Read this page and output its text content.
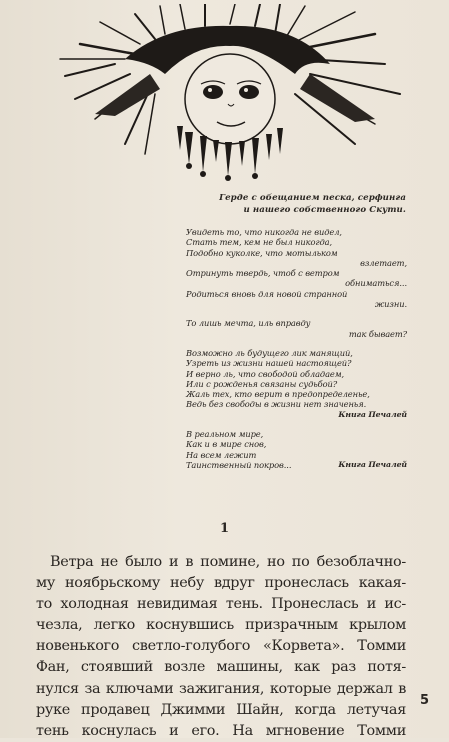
Герде с обещанием песка, серфинга
и нашего собственного Скути.
Увидеть то, что никогда не видел,
Стать тем, кем не был никогда,
Подобно куколке, что мотыльком
взлетает,
Отринуть твердь, чтоб с ветром
обниматься...
Родиться вновь для новой странной
жизни.
То лишь мечта, иль вправду
так бывает?
Возможно ль будущего лик манящий,
Узреть из жизни нашей настоящей?
И верно ль, что свободой обладаем,
Или с рожденья связаны судьбой?
Жаль тех, кто верит в предопределенье,
Ведь без свободы в жизни нет значенья.
Книга Печалей
В реальном мире,
Как и в мире снов,
На всем лежит
Таинственный покров...	Книга Печалей
1
Ветра не было и в помине, но по безоблачно-
му ноябрьскому небу вдруг пронеслась какая-
то холодная невидимая тень. Пронеслась и ис-
чезла, легко коснувшись призрачным крылом
новенького светло-голубого «Корвета». Томми
Фан, стоявший возле машины, как раз потя-
нулся за ключами зажигания, которые держал в
руке продавец Джимми Шайн, когда летучая
тень коснулась и его. На мгновение Томми
5
